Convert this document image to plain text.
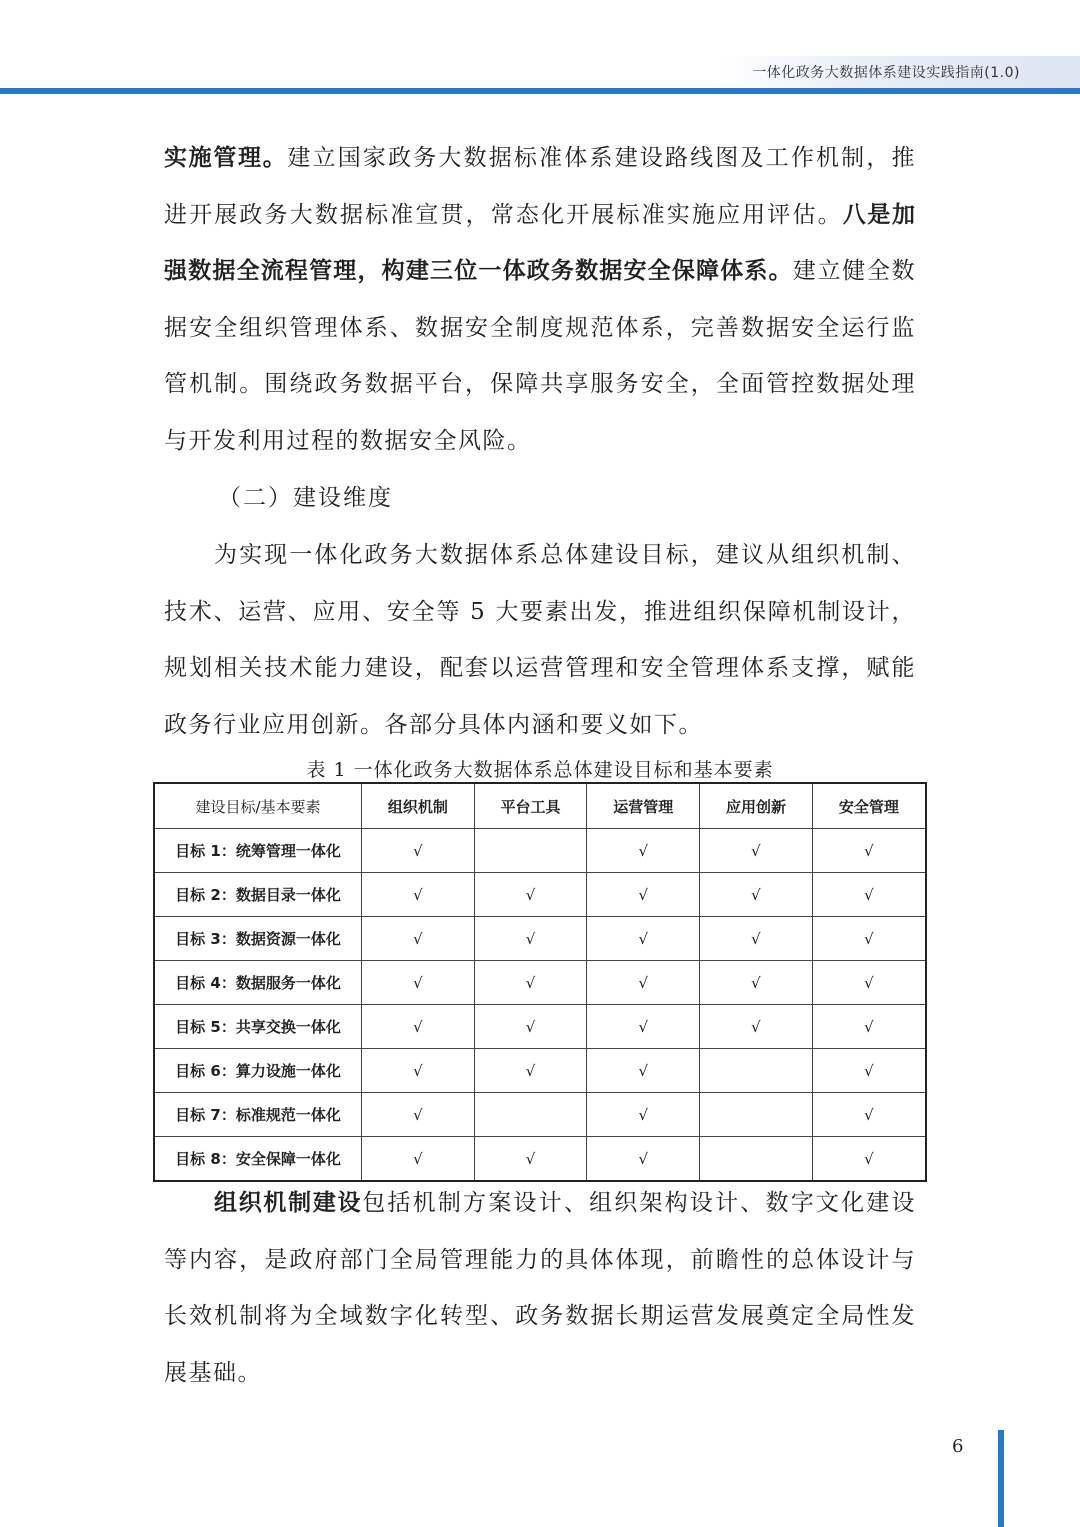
一体化政务大数据体系建设实践指南(1.0)

实施管理。建立国家政务大数据标准体系建设路线图及工作机制，推进开展政务大数据标准宣贯，常态化开展标准实施应用评估。八是加强数据全流程管理，构建三位一体政务数据安全保障体系。建立健全数据安全组织管理体系、数据安全制度规范体系，完善数据安全运行监管机制。围绕政务数据平台，保障共享服务安全，全面管控数据处理与开发利用过程的数据安全风险。

（二）建设维度

为实现一体化政务大数据体系总体建设目标，建议从组织机制、技术、运营、应用、安全等 5 大要素出发，推进组织保障机制设计，规划相关技术能力建设，配套以运营管理和安全管理体系支撑，赋能政务行业应用创新。各部分具体内涵和要义如下。

表 1 一体化政务大数据体系总体建设目标和基本要素
建设目标/基本要素	组织机制	平台工具	运营管理	应用创新	安全管理
目标 1：统筹管理一体化	√		√	√	√
目标 2：数据目录一体化	√	√	√	√	√
目标 3：数据资源一体化	√	√	√	√	√
目标 4：数据服务一体化	√	√	√	√	√
目标 5：共享交换一体化	√	√	√	√	√
目标 6：算力设施一体化	√	√	√		√
目标 7：标准规范一体化	√		√		√
目标 8：安全保障一体化	√	√	√		√

组织机制建设包括机制方案设计、组织架构设计、数字文化建设等内容，是政府部门全局管理能力的具体体现，前瞻性的总体设计与长效机制将为全域数字化转型、政务数据长期运营发展奠定全局性发展基础。

6
